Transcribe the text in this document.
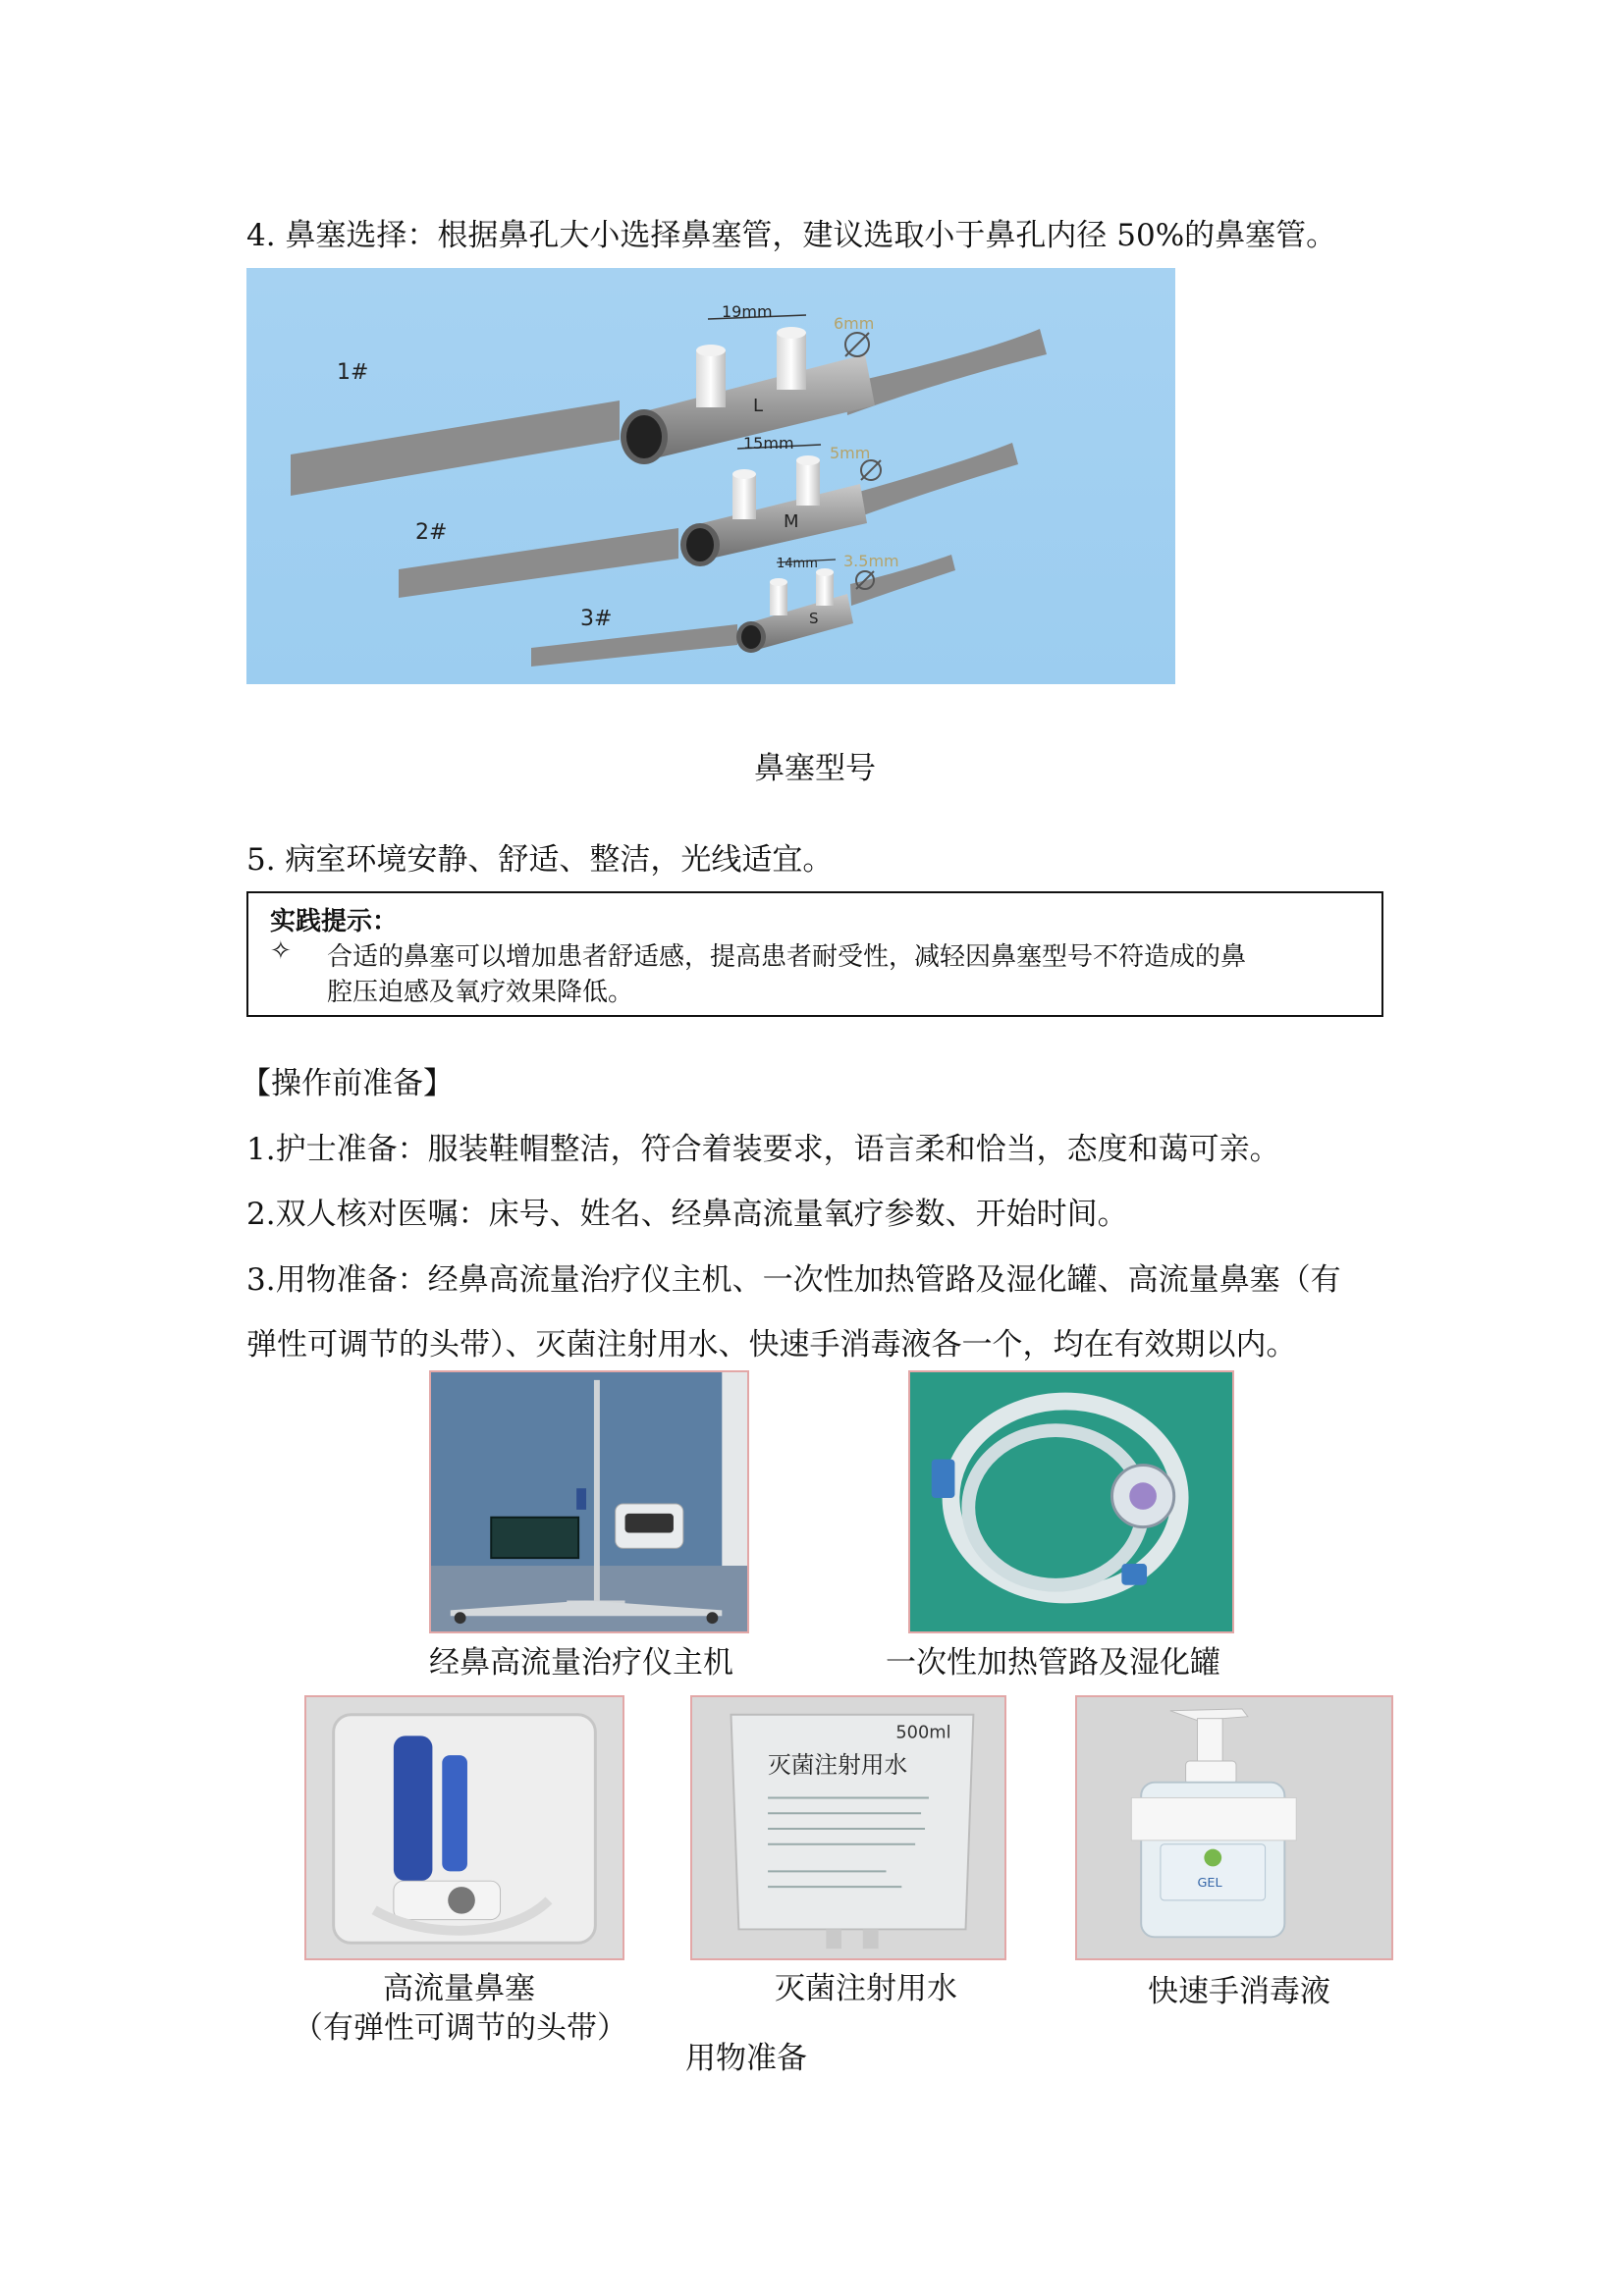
4. 鼻塞选择：根据鼻孔大小选择鼻塞管，建议选取小于鼻孔内径 50%的鼻塞管。
1#
19mm
6mm
L
2#
15mm
5mm
M
3#
14mm 3.5mm
S
鼻塞型号
5. 病室环境安静、舒适、整洁，光线适宜。
实践提示：
✧ 合适的鼻塞可以增加患者舒适感，提高患者耐受性，减轻因鼻塞型号不符造成的鼻
腔压迫感及氧疗效果降低。
【操作前准备】
1.护士准备：服装鞋帽整洁，符合着装要求，语言柔和恰当，态度和蔼可亲。
2.双人核对医嘱：床号、姓名、经鼻高流量氧疗参数、开始时间。
3.用物准备：经鼻高流量治疗仪主机、一次性加热管路及湿化罐、高流量鼻塞（有
弹性可调节的头带）、灭菌注射用水、快速手消毒液各一个，均在有效期以内。
经鼻高流量治疗仪主机	一次性加热管路及湿化罐
高流量鼻塞
（有弹性可调节的头带）
500ml
灭菌注射用水
灭菌注射用水
GEL
快速手消毒液
用物准备
